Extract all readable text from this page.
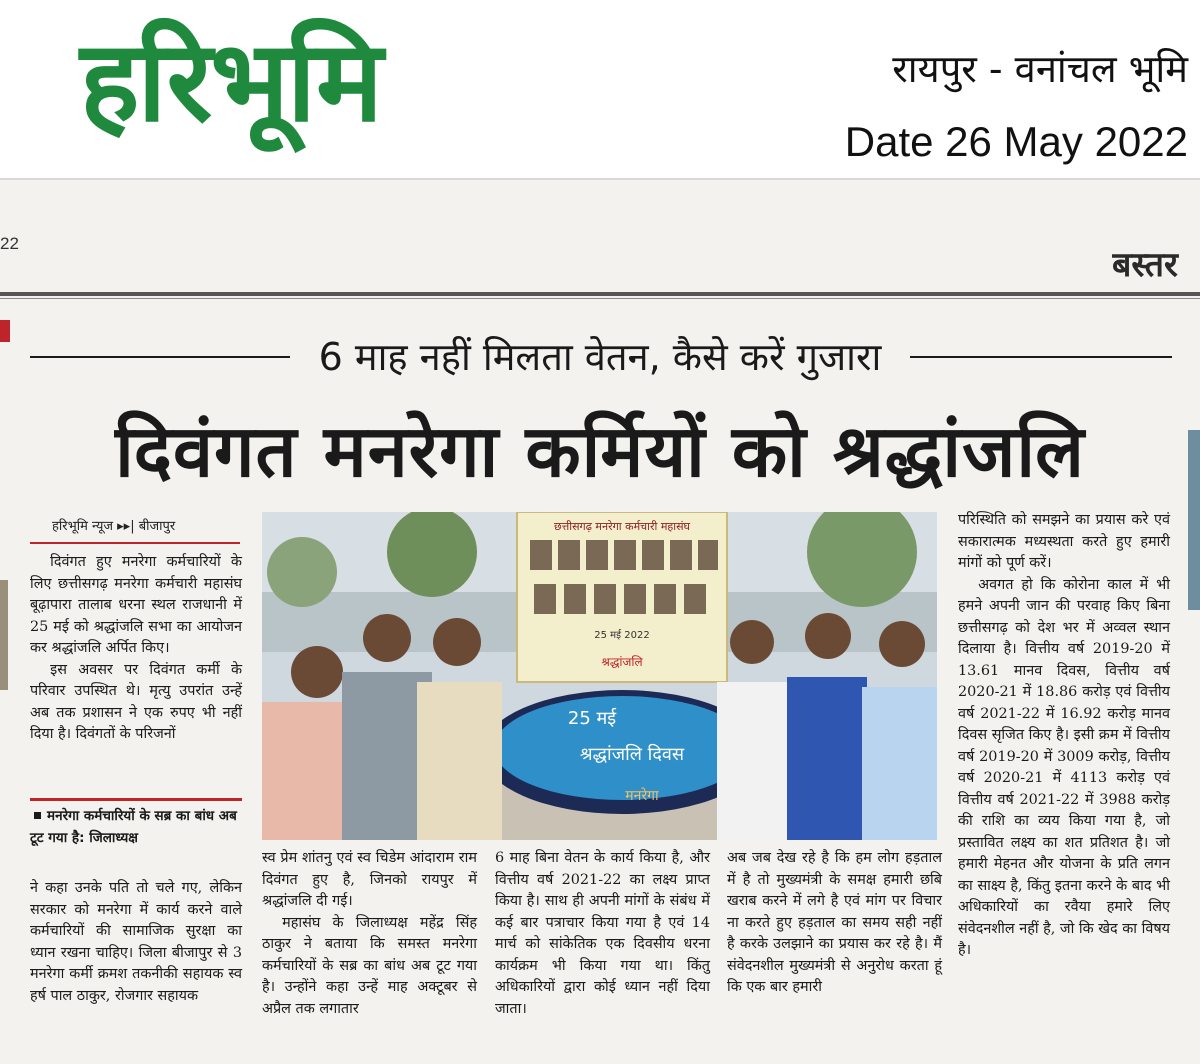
हरिभूमि	रायपुर - वनांचल भूमि
Date 26 May 2022
22
बस्तर
6 माह नहीं मिलता वेतन, कैसे करें गुजारा
दिवंगत मनरेगा कर्मियों को श्रद्धांजलि
हरिभूमि न्यूज ▸▸| बीजापुर

दिवंगत हुए मनरेगा कर्मचारियों के लिए छत्तीसगढ़ मनरेगा कर्मचारी महासंघ बूढ़ापारा तालाब धरना स्थल राजधानी में 25 मई को श्रद्धांजलि सभा का आयोजन कर श्रद्धांजलि अर्पित किए।

इस अवसर पर दिवंगत कर्मी के परिवार उपस्थित थे। मृत्यु उपरांत उन्हें अब तक प्रशासन ने एक रुपए भी नहीं दिया है। दिवंगतों के परिजनों

मनरेगा कर्मचारियों के सब्र का बांध अब टूट गया है: जिलाध्यक्ष

ने कहा उनके पति तो चले गए, लेकिन सरकार को मनरेगा में कार्य करने वाले कर्मचारियों की सामाजिक सुरक्षा का ध्यान रखना चाहिए। जिला बीजापुर से 3 मनरेगा कर्मी क्रमश तकनीकी सहायक स्व हर्ष पाल ठाकुर, रोजगार सहायक

छत्तीसगढ़ मनरेगा कर्मचारी महासंघ
25 मई 2022
श्रद्धांजलि
25 मई
श्रद्धांजलि दिवस
मनरेगा

स्व प्रेम शांतनु एवं स्व चिडेम आंदाराम राम दिवंगत हुए है, जिनको रायपुर में श्रद्धांजलि दी गई।

महासंघ के जिलाध्यक्ष महेंद्र सिंह ठाकुर ने बताया कि समस्त मनरेगा कर्मचारियों के सब्र का बांध अब टूट गया है। उन्होंने कहा उन्हें माह अक्टूबर से अप्रैल तक लगातार

6 माह बिना वेतन के कार्य किया है, और वित्तीय वर्ष 2021-22 का लक्ष्य प्राप्त किया है। साथ ही अपनी मांगों के संबंध में कई बार पत्राचार किया गया है एवं 14 मार्च को सांकेतिक एक दिवसीय धरना कार्यक्रम भी किया गया था। किंतु अधिकारियों द्वारा कोई ध्यान नहीं दिया जाता।

अब जब देख रहे है कि हम लोग हड़ताल में है तो मुख्यमंत्री के समक्ष हमारी छबि खराब करने में लगे है एवं मांग पर विचार ना करते हुए हड़ताल का समय सही नहीं है करके उलझाने का प्रयास कर रहे है। मैं संवेदनशील मुख्यमंत्री से अनुरोध करता हूं कि एक बार हमारी

परिस्थिति को समझने का प्रयास करे एवं सकारात्मक मध्यस्थता करते हुए हमारी मांगों को पूर्ण करें।

अवगत हो कि कोरोना काल में भी हमने अपनी जान की परवाह किए बिना छत्तीसगढ़ को देश भर में अव्वल स्थान दिलाया है। वित्तीय वर्ष 2019-20 में 13.61 मानव दिवस, वित्तीय वर्ष 2020-21 में 18.86 करोड़ एवं वित्तीय वर्ष 2021-22 में 16.92 करोड़ मानव दिवस सृजित किए है। इसी क्रम में वित्तीय वर्ष 2019-20 में 3009 करोड़, वित्तीय वर्ष 2020-21 में 4113 करोड़ एवं वित्तीय वर्ष 2021-22 में 3988 करोड़ की राशि का व्यय किया गया है, जो प्रस्तावित लक्ष्य का शत प्रतिशत है। जो हमारी मेहनत और योजना के प्रति लगन का साक्ष्य है, किंतु इतना करने के बाद भी अधिकारियों का रवैया हमारे लिए संवेदनशील नहीं है, जो कि खेद का विषय है।
